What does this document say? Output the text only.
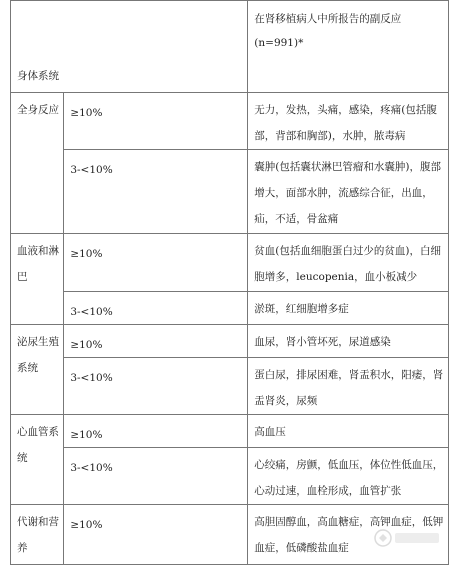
身体系统		在肾移植病人中所报告的副反应(n=991)*
全身反应	≥10%	无力，发热，头痛，感染，疼痛(包括腹部，背部和胸部)，水肿，脓毒病
	3-<10%	囊肿(包括囊状淋巴管瘤和水囊肿)，腹部增大，面部水肿，流感综合征，出血，疝，不适，骨盆痛
血液和淋巴	≥10%	贫血(包括血细胞蛋白过少的贫血)，白细胞增多，leucopenia，血小板减少
	3-<10%	淤斑，红细胞增多症
泌尿生殖系统	≥10%	血尿，肾小管坏死，尿道感染
	3-<10%	蛋白尿，排尿困难，肾盂积水，阳痿，肾盂肾炎，尿频
心血管系统	≥10%	高血压
	3-<10%	心绞痛，房颤，低血压，体位性低血压，心动过速，血栓形成，血管扩张
代谢和营养	≥10%	高胆固醇血，高血糖症，高钾血症，低钾血症，低磷酸盐血症
